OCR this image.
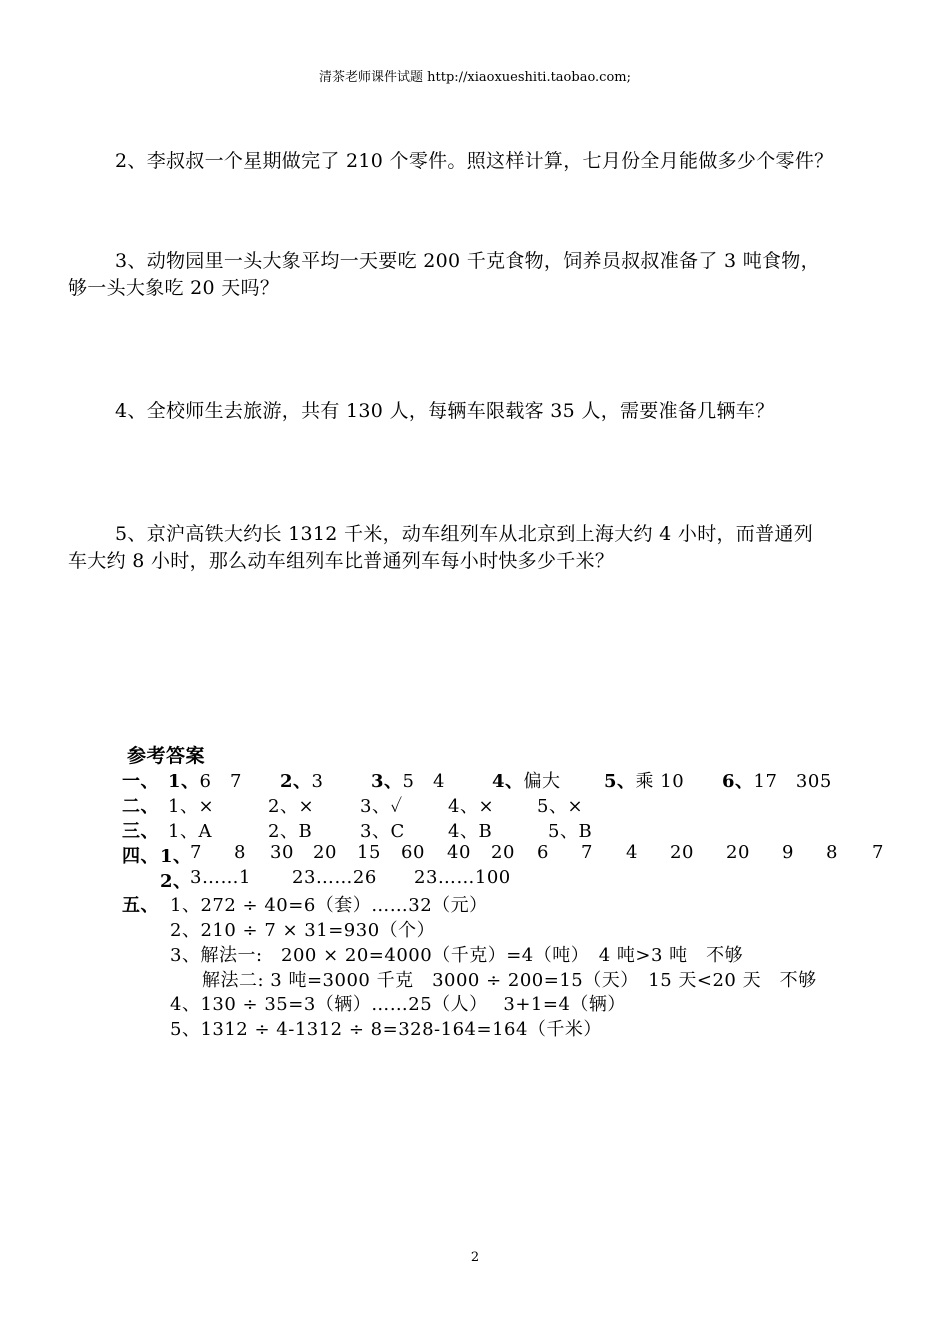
清茶老师课件试题 http://xiaoxueshiti.taobao.com;
2、李叔叔一个星期做完了 210 个零件。照这样计算，七月份全月能做多少个零件？
3、动物园里一头大象平均一天要吃 200 千克食物，饲养员叔叔准备了 3 吨食物，
够一头大象吃 20 天吗？
4、全校师生去旅游，共有 130 人，每辆车限载客 35 人，需要准备几辆车？
5、京沪高铁大约长 1312 千米，动车组列车从北京到上海大约 4 小时，而普通列
车大约 8 小时，那么动车组列车比普通列车每小时快多少千米？
参考答案
一、 1、6　7 2、3	3、5　4	4、偏大 5、乘 10 6、17　305
二、 1、×	2、×	3、✓	4、× 5、×
三、 1、A	2、B	3、C 4、B	5、B
四、 1、
7 8 30 20 15 60 40 20 6 7 4 20 20 9 8 7
2、
3……1 23……26 23……100
五、 1、272 ÷ 40=6（套）……32（元）
2、210 ÷ 7 × 31=930（个）
3、解法一:　200 × 20=4000（千克）=4（吨）　4 吨>3 吨　不够
解法二: 3 吨=3000 千克　3000 ÷ 200=15（天）　15 天<20 天　不够
4、130 ÷ 35=3（辆）……25（人）　 3+1=4（辆）
5、1312 ÷ 4-1312 ÷ 8=328-164=164（千米）
2
